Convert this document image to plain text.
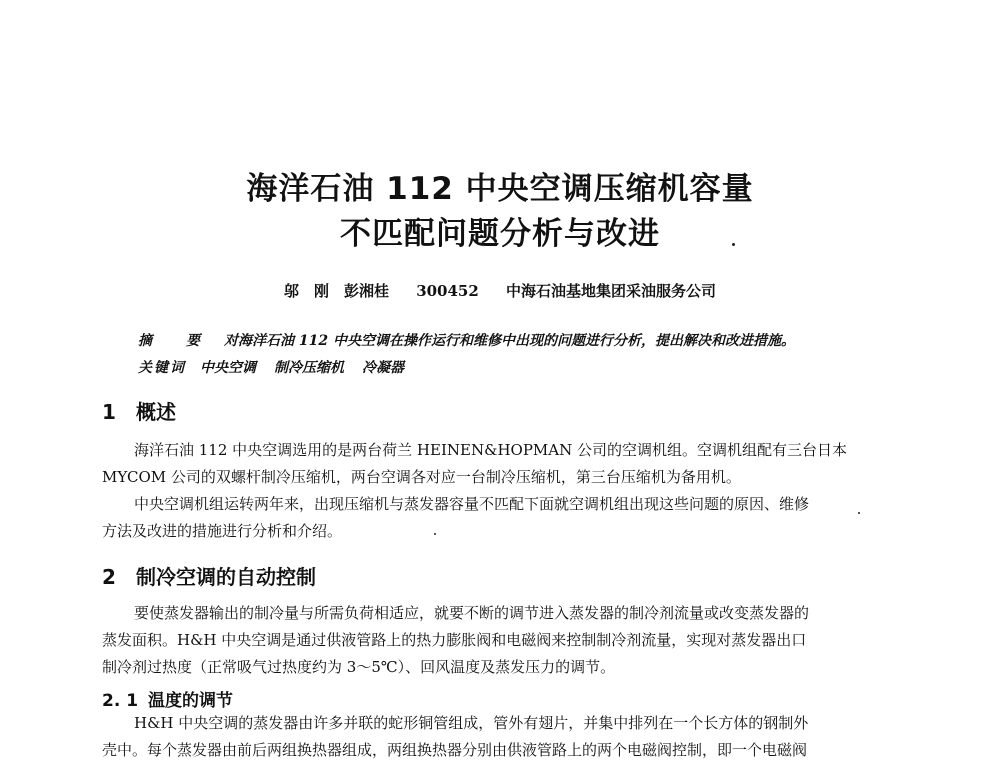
海洋石油 112 中央空调压缩机容量
不匹配问题分析与改进
邬　刚　彭湘桂 300452 中海石油基地集团采油服务公司
摘　要 对海洋石油 112 中央空调在操作运行和维修中出现的问题进行分析，提出解决和改进措施。
关键词 中央空调 制冷压缩机 冷凝器
1 概述
海洋石油 112 中央空调选用的是两台荷兰 HEINEN&HOPMAN 公司的空调机组。空调机组配有三台日本
MYCOM 公司的双螺杆制冷压缩机，两台空调各对应一台制冷压缩机，第三台压缩机为备用机。
中央空调机组运转两年来，出现压缩机与蒸发器容量不匹配下面就空调机组出现这些问题的原因、维修
方法及改进的措施进行分析和介绍。
2 制冷空调的自动控制
要使蒸发器输出的制冷量与所需负荷相适应，就要不断的调节进入蒸发器的制冷剂流量或改变蒸发器的
蒸发面积。H&H 中央空调是通过供液管路上的热力膨胀阀和电磁阀来控制制冷剂流量，实现对蒸发器出口
制冷剂过热度（正常吸气过热度约为 3～5℃）、回风温度及蒸发压力的调节。
2. 1 温度的调节
H&H 中央空调的蒸发器由许多并联的蛇形铜管组成，管外有翅片，并集中排列在一个长方体的钢制外
壳中。每个蒸发器由前后两组换热器组成，两组换热器分别由供液管路上的两个电磁阀控制，即一个电磁阀
